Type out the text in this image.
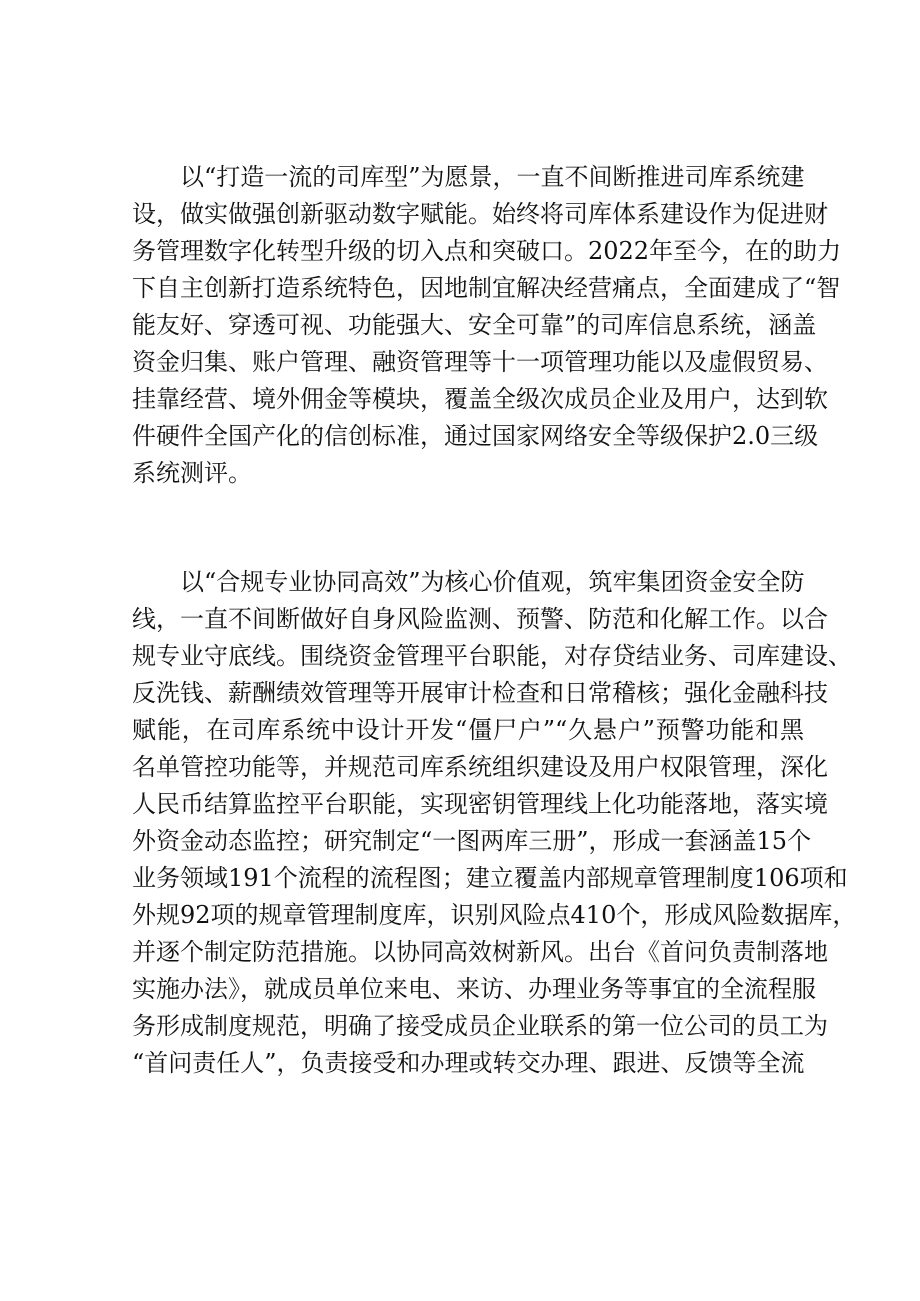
以“打造一流的司库型”为愿景，一直不间断推进司库系统建
设，做实做强创新驱动数字赋能。始终将司库体系建设作为促进财
务管理数字化转型升级的切入点和突破口。2022年至今，在的助力
下自主创新打造系统特色，因地制宜解决经营痛点，全面建成了“智
能友好、穿透可视、功能强大、安全可靠”的司库信息系统，涵盖
资金归集、账户管理、融资管理等十一项管理功能以及虚假贸易、
挂靠经营、境外佣金等模块，覆盖全级次成员企业及用户，达到软
件硬件全国产化的信创标准，通过国家网络安全等级保护2.0三级
系统测评。
以“合规专业协同高效”为核心价值观，筑牢集团资金安全防
线，一直不间断做好自身风险监测、预警、防范和化解工作。以合
规专业守底线。围绕资金管理平台职能，对存贷结业务、司库建设、
反洗钱、薪酬绩效管理等开展审计检查和日常稽核；强化金融科技
赋能，在司库系统中设计开发“僵尸户”“久悬户”预警功能和黑
名单管控功能等，并规范司库系统组织建设及用户权限管理，深化
人民币结算监控平台职能，实现密钥管理线上化功能落地，落实境
外资金动态监控；研究制定“一图两库三册”，形成一套涵盖15个
业务领域191个流程的流程图；建立覆盖内部规章管理制度106项和
外规92项的规章管理制度库，识别风险点410个，形成风险数据库，
并逐个制定防范措施。以协同高效树新风。出台《首问负责制落地
实施办法》，就成员单位来电、来访、办理业务等事宜的全流程服
务形成制度规范，明确了接受成员企业联系的第一位公司的员工为
“首问责任人”，负责接受和办理或转交办理、跟进、反馈等全流
